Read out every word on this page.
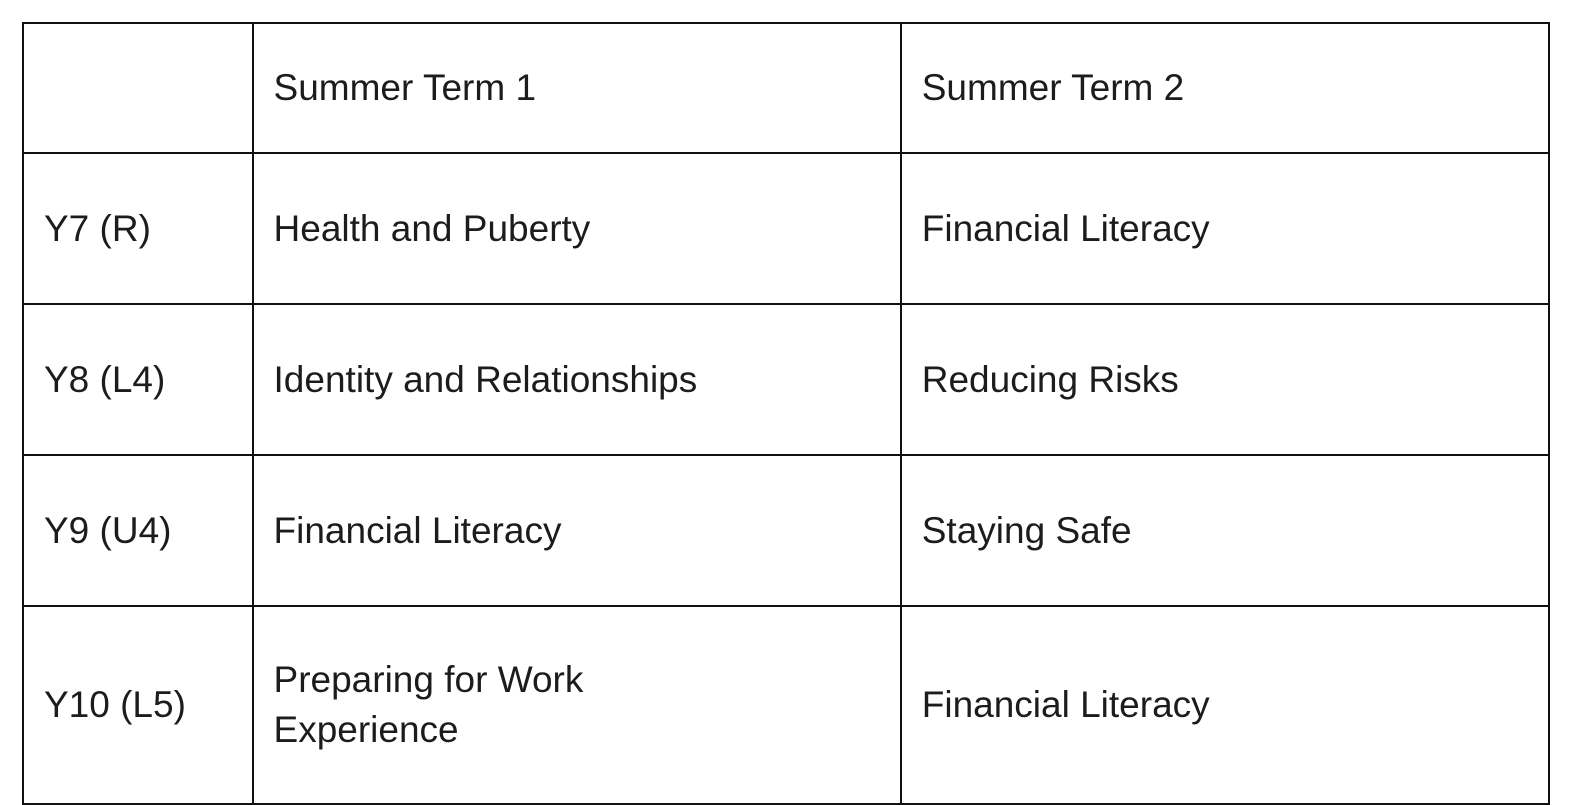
	Summer Term 1	Summer Term 2
Y7 (R)	Health and Puberty	Financial Literacy
Y8 (L4)	Identity and Relationships	Reducing Risks
Y9 (U4)	Financial Literacy	Staying Safe
Y10 (L5)	Preparing for Work Experience	Financial Literacy
